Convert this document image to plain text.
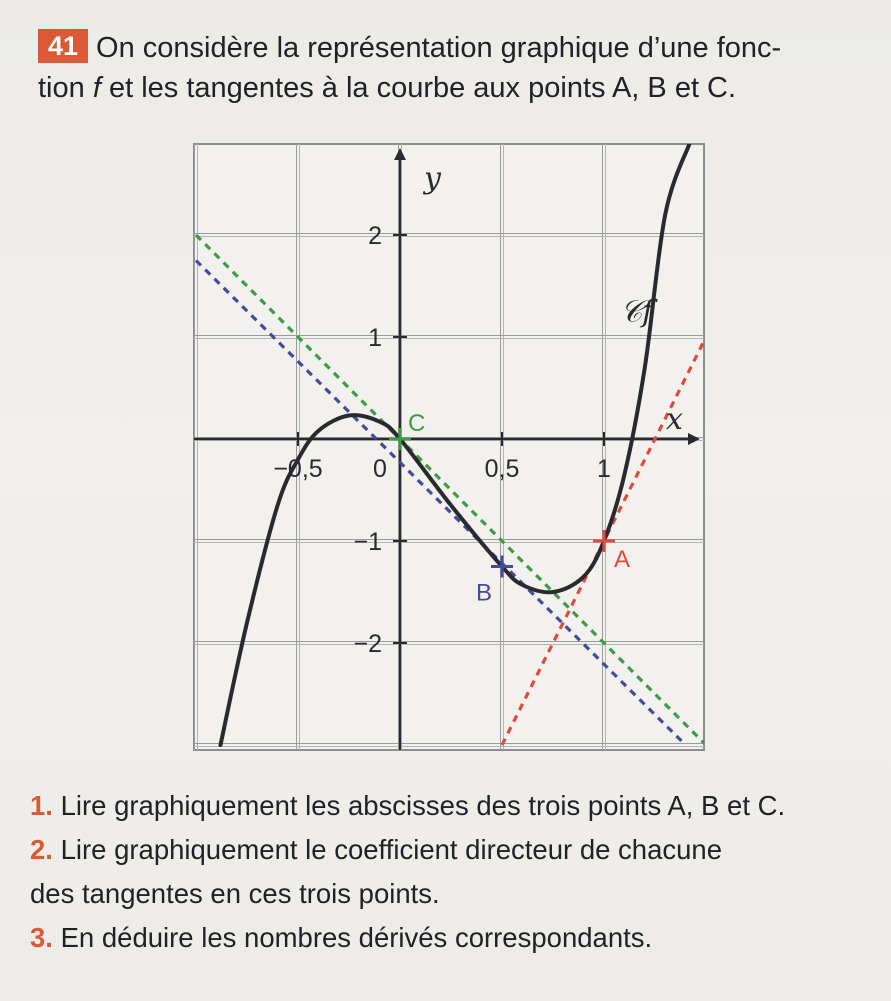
41 On considère la représentation graphique d’une fonc-
tion f et les tangentes à la courbe aux points A, B et C.
−0,5 0	0,5	1
2
1
−1
−2
y
x
𝒞f
A
B
C
1. Lire graphiquement les abscisses des trois points A, B et C.
2. Lire graphiquement le coefficient directeur de chacune
des tangentes en ces trois points.
3. En déduire les nombres dérivés correspondants.
